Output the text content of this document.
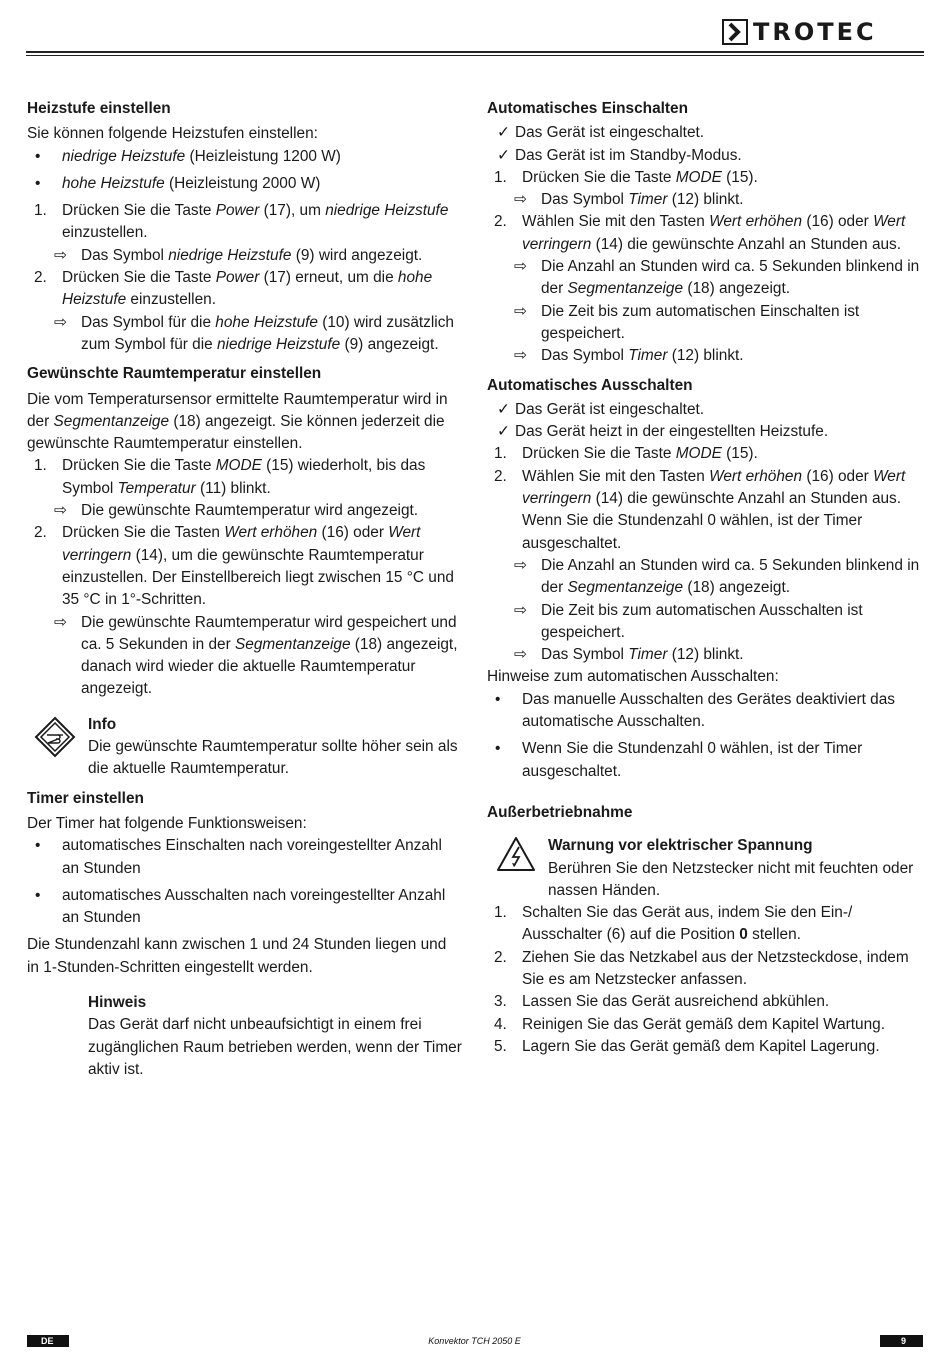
TROTEC
Heizstufe einstellen

Sie können folgende Heizstufen einstellen:

• niedrige Heizstufe (Heizleistung 1200 W)
• hohe Heizstufe (Heizleistung 2000 W)
1. Drücken Sie die Taste Power (17), um niedrige Heizstufe einzustellen.
⇨ Das Symbol niedrige Heizstufe (9) wird angezeigt.
2. Drücken Sie die Taste Power (17) erneut, um die hohe Heizstufe einzustellen.
⇨ Das Symbol für die hohe Heizstufe (10) wird zusätzlich zum Symbol für die niedrige Heizstufe (9) angezeigt.
Gewünschte Raumtemperatur einstellen

Die vom Temperatursensor ermittelte Raumtemperatur wird in der Segmentanzeige (18) angezeigt. Sie können jederzeit die gewünschte Raumtemperatur einstellen.

1. Drücken Sie die Taste MODE (15) wiederholt, bis das Symbol Temperatur (11) blinkt.
⇨ Die gewünschte Raumtemperatur wird angezeigt.
2. Drücken Sie die Tasten Wert erhöhen (16) oder Wert verringern (14), um die gewünschte Raumtemperatur einzustellen. Der Einstellbereich liegt zwischen 15 °C und 35 °C in 1°-Schritten.
⇨ Die gewünschte Raumtemperatur wird gespeichert und ca. 5 Sekunden in der Segmentanzeige (18) angezeigt, danach wird wieder die aktuelle Raumtemperatur angezeigt.
Info
Die gewünschte Raumtemperatur sollte höher sein als die aktuelle Raumtemperatur.
Timer einstellen

Der Timer hat folgende Funktionsweisen:

• automatisches Einschalten nach voreingestellter Anzahl an Stunden
• automatisches Ausschalten nach voreingestellter Anzahl an Stunden

Die Stundenzahl kann zwischen 1 und 24 Stunden liegen und in 1-Stunden-Schritten eingestellt werden.

Hinweis
Das Gerät darf nicht unbeaufsichtigt in einem frei zugänglichen Raum betrieben werden, wenn der Timer aktiv ist.
Automatisches Einschalten
✓ Das Gerät ist eingeschaltet.
✓ Das Gerät ist im Standby-Modus.
1. Drücken Sie die Taste MODE (15).
⇨ Das Symbol Timer (12) blinkt.
2. Wählen Sie mit den Tasten Wert erhöhen (16) oder Wert verringern (14) die gewünschte Anzahl an Stunden aus.
⇨ Die Anzahl an Stunden wird ca. 5 Sekunden blinkend in der Segmentanzeige (18) angezeigt.
⇨ Die Zeit bis zum automatischen Einschalten ist gespeichert.
⇨ Das Symbol Timer (12) blinkt.
Automatisches Ausschalten
✓ Das Gerät ist eingeschaltet.
✓ Das Gerät heizt in der eingestellten Heizstufe.
1. Drücken Sie die Taste MODE (15).
2. Wählen Sie mit den Tasten Wert erhöhen (16) oder Wert verringern (14) die gewünschte Anzahl an Stunden aus. Wenn Sie die Stundenzahl 0 wählen, ist der Timer ausgeschaltet.
⇨ Die Anzahl an Stunden wird ca. 5 Sekunden blinkend in der Segmentanzeige (18) angezeigt.
⇨ Die Zeit bis zum automatischen Ausschalten ist gespeichert.
⇨ Das Symbol Timer (12) blinkt.

Hinweise zum automatischen Ausschalten:

• Das manuelle Ausschalten des Gerätes deaktiviert das automatische Ausschalten.
• Wenn Sie die Stundenzahl 0 wählen, ist der Timer ausgeschaltet.
Außerbetriebnahme
Warnung vor elektrischer Spannung
Berühren Sie den Netzstecker nicht mit feuchten oder nassen Händen.
1. Schalten Sie das Gerät aus, indem Sie den Ein-/ Ausschalter (6) auf die Position 0 stellen.
2. Ziehen Sie das Netzkabel aus der Netzsteckdose, indem Sie es am Netzstecker anfassen.
3. Lassen Sie das Gerät ausreichend abkühlen.
4. Reinigen Sie das Gerät gemäß dem Kapitel Wartung.
5. Lagern Sie das Gerät gemäß dem Kapitel Lagerung.
DE	Konvektor TCH 2050 E	9
